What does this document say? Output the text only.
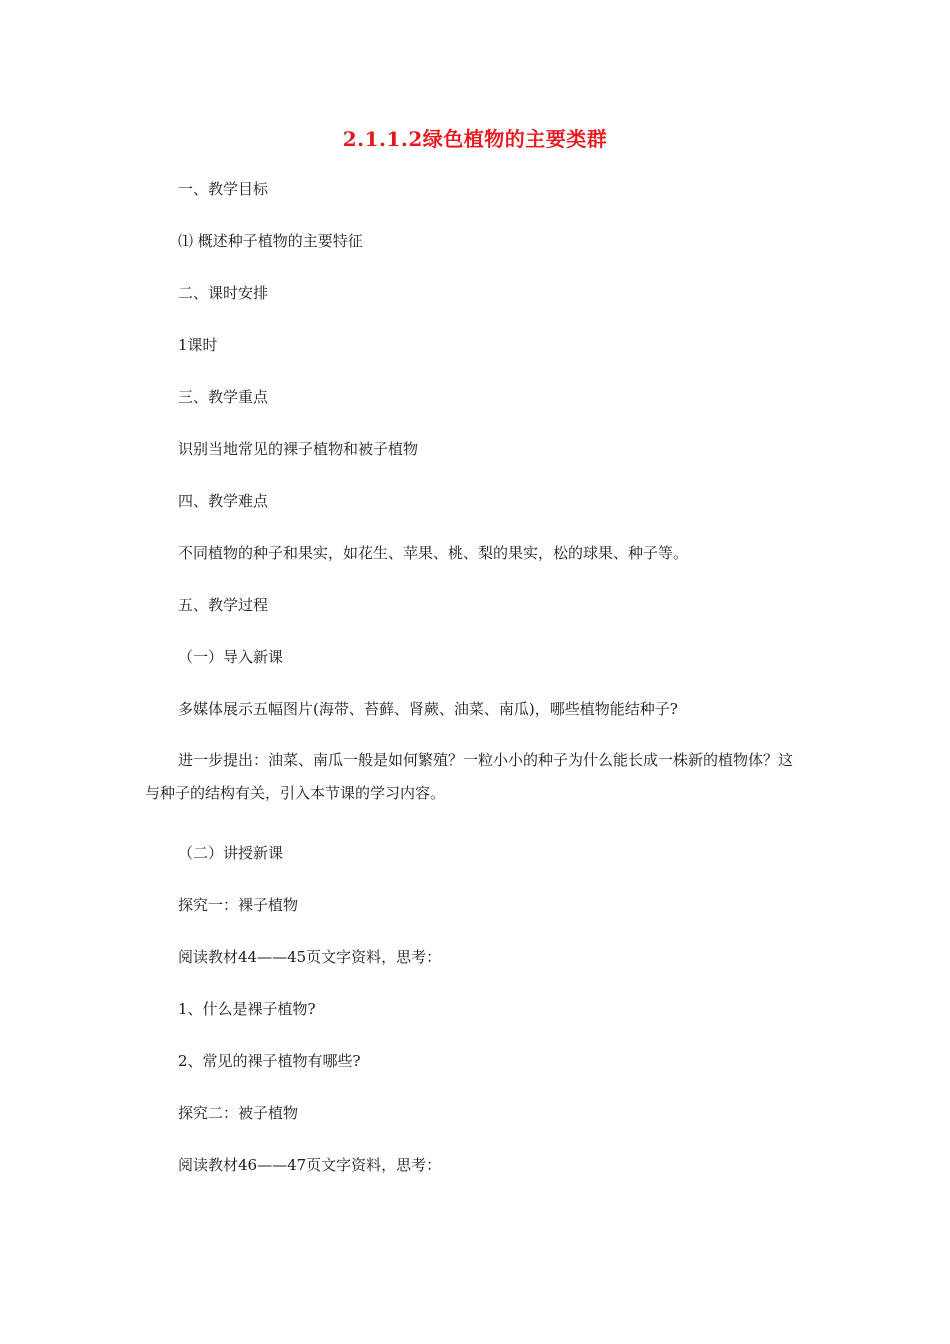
2.1.1.2绿色植物的主要类群
一、教学目标
⑴ 概述种子植物的主要特征
二、课时安排
1课时
三、教学重点
识别当地常见的裸子植物和被子植物
四、教学难点
不同植物的种子和果实，如花生、苹果、桃、梨的果实，松的球果、种子等。
五、教学过程
（一）导入新课
多媒体展示五幅图片(海带、苔藓、肾蕨、油菜、南瓜)，哪些植物能结种子?
进一步提出：油菜、南瓜一般是如何繁殖？一粒小小的种子为什么能长成一株新的植物体？这与种子的结构有关，引入本节课的学习内容。
（二）讲授新课
探究一：裸子植物
阅读教材44——45页文字资料，思考：
1、什么是裸子植物?
2、常见的裸子植物有哪些?
探究二：被子植物
阅读教材46——47页文字资料，思考：
